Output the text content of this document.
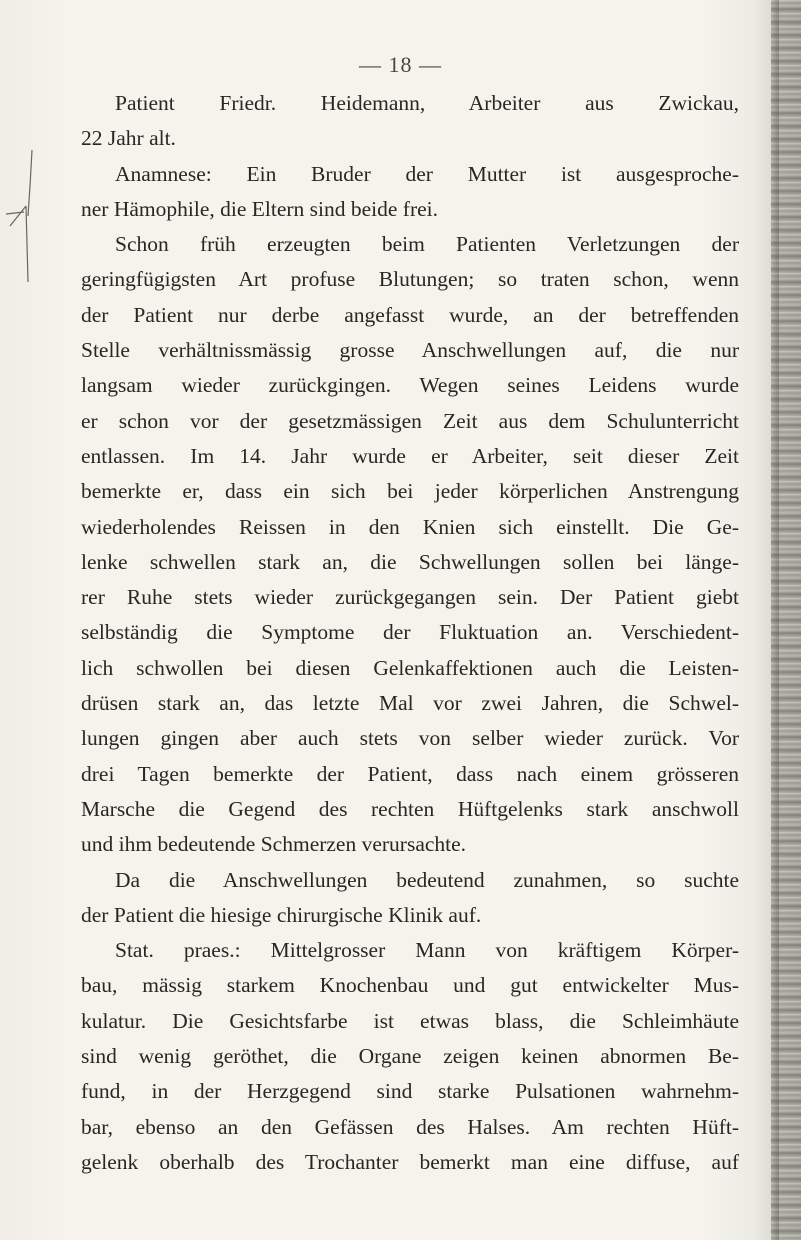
— 18 —
Patient Friedr. Heidemann, Arbeiter aus Zwickau,
22 Jahr alt.
Anamnese: Ein Bruder der Mutter ist ausgesproche-
ner Hämophile, die Eltern sind beide frei.
Schon früh erzeugten beim Patienten Verletzungen der
geringfügigsten Art profuse Blutungen; so traten schon, wenn
der Patient nur derbe angefasst wurde, an der betreffenden
Stelle verhältnissmässig grosse Anschwellungen auf, die nur
langsam wieder zurückgingen. Wegen seines Leidens wurde
er schon vor der gesetzmässigen Zeit aus dem Schulunterricht
entlassen. Im 14. Jahr wurde er Arbeiter, seit dieser Zeit
bemerkte er, dass ein sich bei jeder körperlichen Anstrengung
wiederholendes Reissen in den Knien sich einstellt. Die Ge-
lenke schwellen stark an, die Schwellungen sollen bei länge-
rer Ruhe stets wieder zurückgegangen sein. Der Patient giebt
selbständig die Symptome der Fluktuation an. Verschiedent-
lich schwollen bei diesen Gelenkaffektionen auch die Leisten-
drüsen stark an, das letzte Mal vor zwei Jahren, die Schwel-
lungen gingen aber auch stets von selber wieder zurück. Vor
drei Tagen bemerkte der Patient, dass nach einem grösseren
Marsche die Gegend des rechten Hüftgelenks stark anschwoll
und ihm bedeutende Schmerzen verursachte.
Da die Anschwellungen bedeutend zunahmen, so suchte
der Patient die hiesige chirurgische Klinik auf.
Stat. praes.: Mittelgrosser Mann von kräftigem Körper-
bau, mässig starkem Knochenbau und gut entwickelter Mus-
kulatur. Die Gesichtsfarbe ist etwas blass, die Schleimhäute
sind wenig geröthet, die Organe zeigen keinen abnormen Be-
fund, in der Herzgegend sind starke Pulsationen wahrnehm-
bar, ebenso an den Gefässen des Halses. Am rechten Hüft-
gelenk oberhalb des Trochanter bemerkt man eine diffuse, auf
